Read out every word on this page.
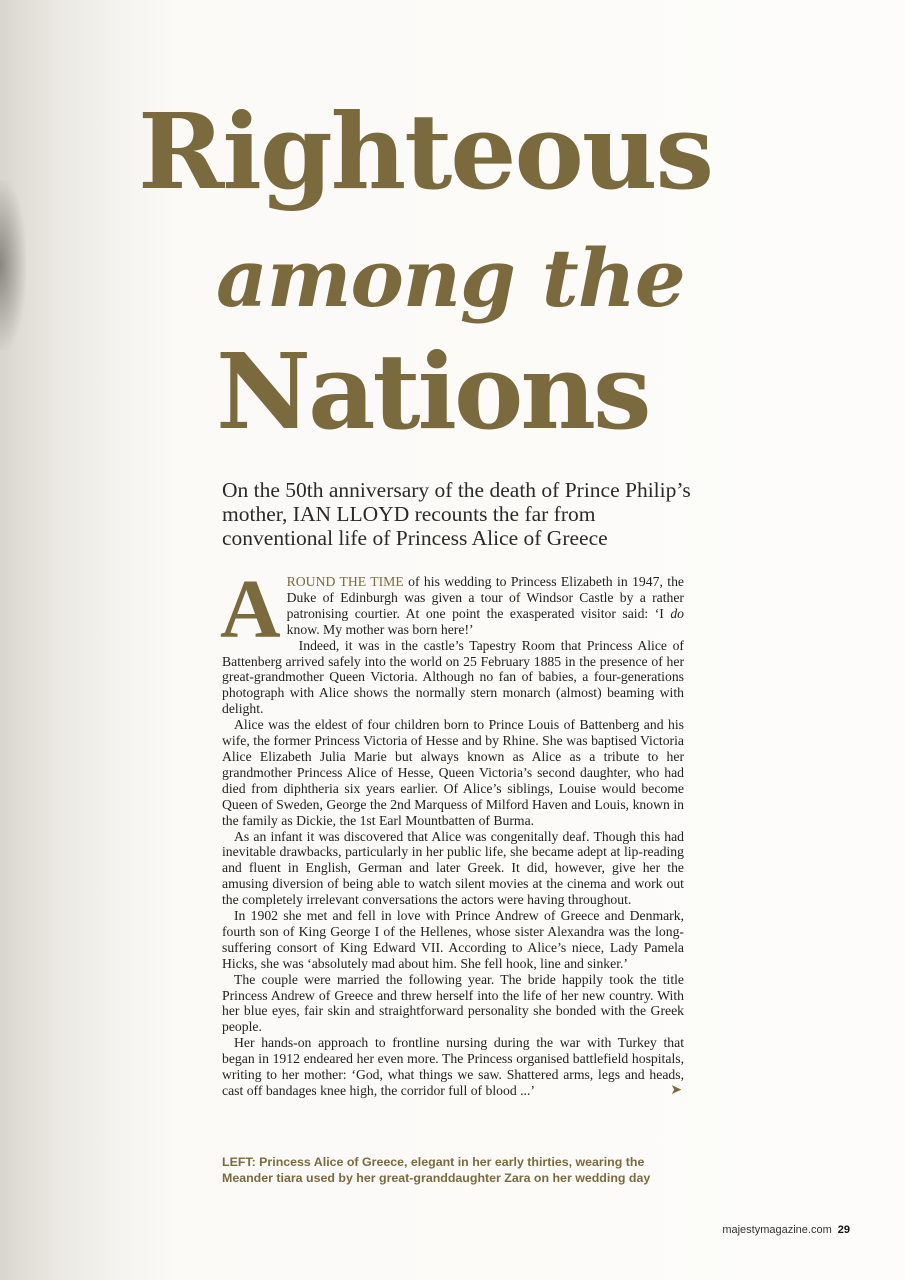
Righteous
among the
Nations
On the 50th anniversary of the death of Prince Philip’s mother, IAN LLOYD recounts the far from conventional life of Princess Alice of Greece

AROUND THE TIME of his wedding to Princess Elizabeth in 1947, the Duke of Edinburgh was given a tour of Windsor Castle by a rather patronising courtier. At one point the exasperated visitor said: ‘I do know. My mother was born here!’

Indeed, it was in the castle’s Tapestry Room that Princess Alice of Battenberg arrived safely into the world on 25 February 1885 in the presence of her great-grandmother Queen Victoria. Although no fan of babies, a four-generations photograph with Alice shows the normally stern monarch (almost) beaming with delight.

Alice was the eldest of four children born to Prince Louis of Battenberg and his wife, the former Princess Victoria of Hesse and by Rhine. She was baptised Victoria Alice Elizabeth Julia Marie but always known as Alice as a tribute to her grandmother Princess Alice of Hesse, Queen Victoria’s second daughter, who had died from diphtheria six years earlier. Of Alice’s siblings, Louise would become Queen of Sweden, George the 2nd Marquess of Milford Haven and Louis, known in the family as Dickie, the 1st Earl Mountbatten of Burma.

As an infant it was discovered that Alice was congenitally deaf. Though this had inevitable drawbacks, particularly in her public life, she became adept at lip-reading and fluent in English, German and later Greek. It did, however, give her the amusing diversion of being able to watch silent movies at the cinema and work out the completely irrelevant conversations the actors were having throughout.

In 1902 she met and fell in love with Prince Andrew of Greece and Denmark, fourth son of King George I of the Hellenes, whose sister Alexandra was the long-suffering consort of King Edward VII. According to Alice’s niece, Lady Pamela Hicks, she was ‘absolutely mad about him. She fell hook, line and sinker.’

The couple were married the following year. The bride happily took the title Princess Andrew of Greece and threw herself into the life of her new country. With her blue eyes, fair skin and straightforward personality she bonded with the Greek people.

Her hands-on approach to frontline nursing during the war with Turkey that began in 1912 endeared her even more. The Princess organised battlefield hospitals, writing to her mother: ‘God, what things we saw. Shattered arms, legs and heads, cast off bandages knee high, the corridor full of blood ...’	➤

LEFT: Princess Alice of Greece, elegant in her early thirties, wearing the Meander tiara used by her great-granddaughter Zara on her wedding day
majestymagazine.com 29
